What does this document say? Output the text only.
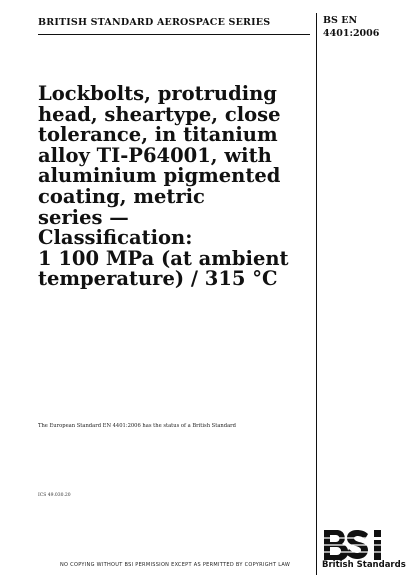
BRITISH STANDARD AEROSPACE SERIES	BS EN
4401:2006
Lockbolts, protruding
head, sheartype, close
tolerance, in titanium
alloy TI-P64001, with
aluminium pigmented
coating, metric
series —
Classification:
1 100 MPa (at ambient
temperature) / 315 °C
The European Standard EN 4401:2006 has the status of a British Standard
ICS 49.030.20
NO COPYING WITHOUT BSI PERMISSION EXCEPT AS PERMITTED BY COPYRIGHT LAW	British Standards
